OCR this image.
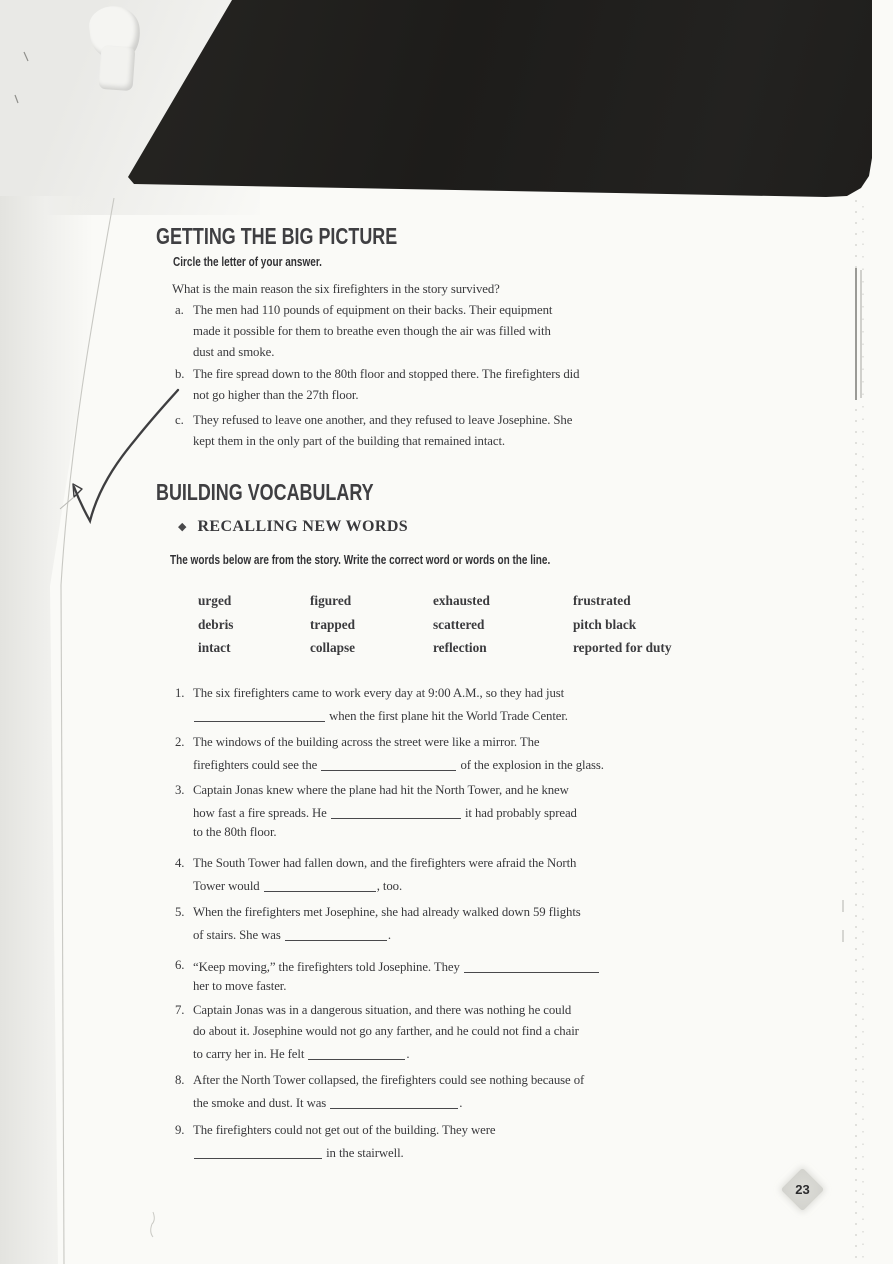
GETTING THE BIG PICTURE
Circle the letter of your answer.
What is the main reason the six firefighters in the story survived?
a. The men had 110 pounds of equipment on their backs. Their equipment
made it possible for them to breathe even though the air was filled with
dust and smoke.
b. The fire spread down to the 80th floor and stopped there. The firefighters did
not go higher than the 27th floor.
c. They refused to leave one another, and they refused to leave Josephine. She
kept them in the only part of the building that remained intact.
BUILDING VOCABULARY
◆ RECALLING NEW WORDS
The words below are from the story. Write the correct word or words on the line.
urged	figured	exhausted	frustrated
debris	trapped	scattered	pitch black
intact	collapse	reflection	reported for duty
1. The six firefighters came to work every day at 9:00 A.M., so they had just
when the first plane hit the World Trade Center.
2. The windows of the building across the street were like a mirror. The
firefighters could see the	of the explosion in the glass.
3. Captain Jonas knew where the plane had hit the North Tower, and he knew
how fast a fire spreads. He	it had probably spread
to the 80th floor.
4. The South Tower had fallen down, and the firefighters were afraid the North
Tower would	, too.
5. When the firefighters met Josephine, she had already walked down 59 flights
of stairs. She was	.
6. “Keep moving,” the firefighters told Josephine. They
her to move faster.
7. Captain Jonas was in a dangerous situation, and there was nothing he could
do about it. Josephine would not go any farther, and he could not find a chair
to carry her in. He felt	.
8. After the North Tower collapsed, the firefighters could see nothing because of
the smoke and dust. It was	.
9. The firefighters could not get out of the building. They were
in the stairwell.
23
